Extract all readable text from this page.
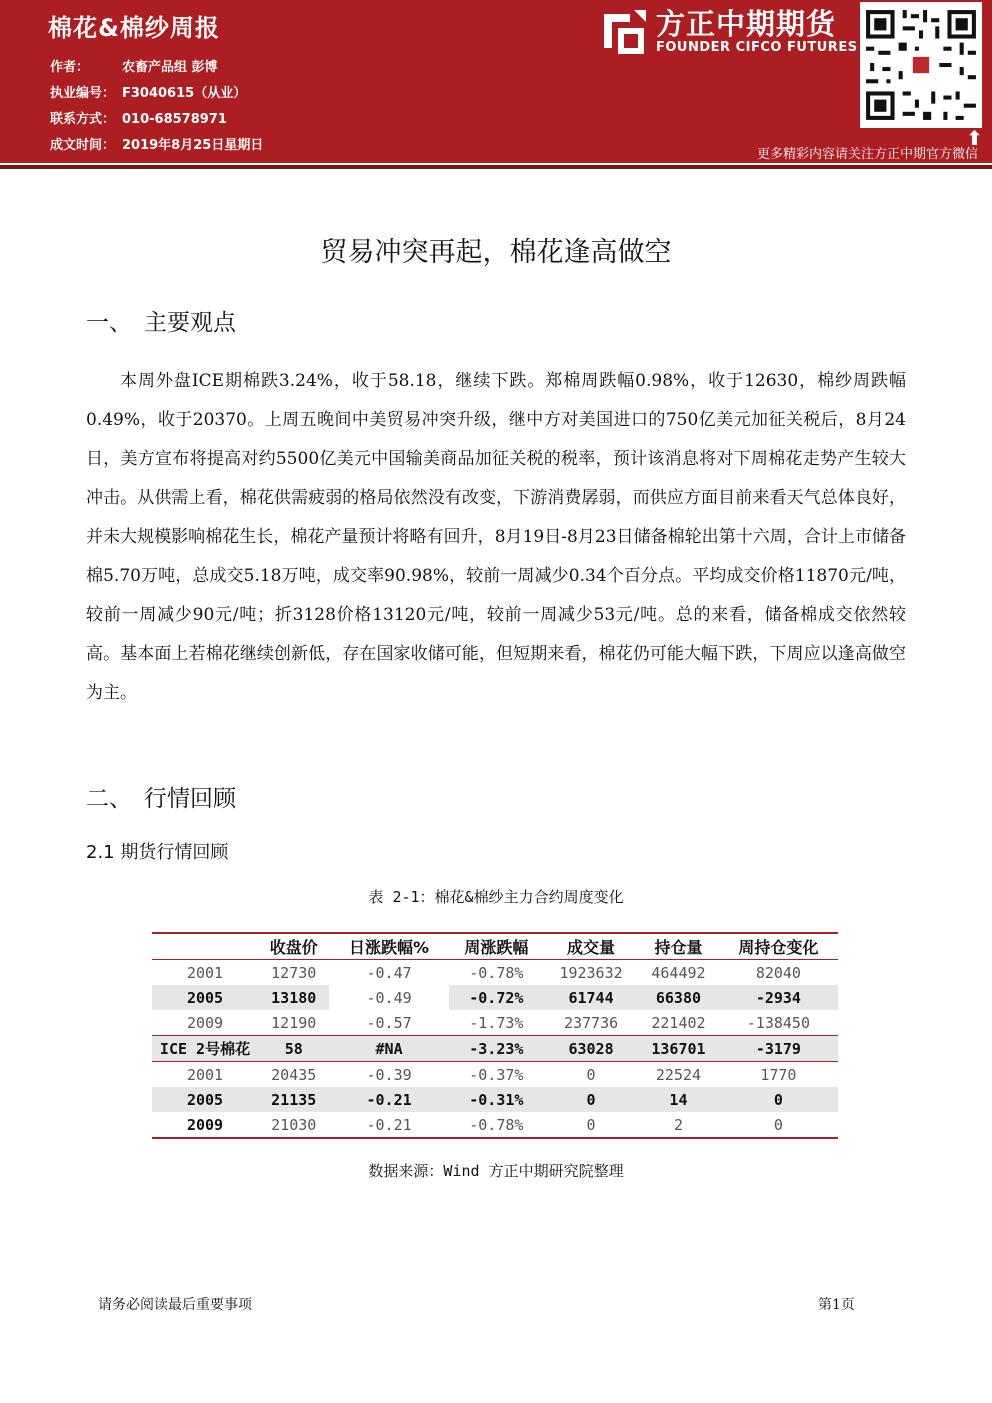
棉花&棉纱周报
作者：	农畜产品组 彭博
执业编号： F3040615（从业）
联系方式： 010-68578971
成文时间： 2019年8月25日星期日
方正中期期货
FOUNDER CIFCO FUTURES
⬆
更多精彩内容请关注方正中期官方微信
贸易冲突再起，棉花逢高做空
一、 主要观点

本周外盘ICE期棉跌3.24%，收于58.18，继续下跌。郑棉周跌幅0.98%，收于12630，棉纱周跌幅0.49%，收于20370。上周五晚间中美贸易冲突升级，继中方对美国进口的750亿美元加征关税后，8月24日，美方宣布将提高对约5500亿美元中国输美商品加征关税的税率，预计该消息将对下周棉花走势产生较大冲击。从供需上看，棉花供需疲弱的格局依然没有改变，下游消费孱弱，而供应方面目前来看天气总体良好，并未大规模影响棉花生长，棉花产量预计将略有回升，8月19日-8月23日储备棉轮出第十六周，合计上市储备棉5.70万吨，总成交5.18万吨，成交率90.98%，较前一周减少0.34个百分点。平均成交价格11870元/吨，较前一周减少90元/吨；折3128价格13120元/吨，较前一周减少53元/吨。总的来看，储备棉成交依然较高。基本面上若棉花继续创新低，存在国家收储可能，但短期来看，棉花仍可能大幅下跌，下周应以逢高做空为主。

二、 行情回顾
2.1 期货行情回顾
表 2-1：棉花&棉纱主力合约周度变化
	收盘价	日涨跌幅%	周涨跌幅	成交量	持仓量	周持仓变化
2001	12730	-0.47	-0.78%	1923632	464492	82040
2005	13180	-0.49	-0.72%	61744	66380	-2934
2009	12190	-0.57	-1.73%	237736	221402	-138450
ICE 2号棉花	58	#NA	-3.23%	63028	136701	-3179
2001	20435	-0.39	-0.37%	0	22524	1770
2005	21135	-0.21	-0.31%	0	14	0
2009	21030	-0.21	-0.78%	0	2	0
数据来源：Wind 方正中期研究院整理
请务必阅读最后重要事项	第1页
